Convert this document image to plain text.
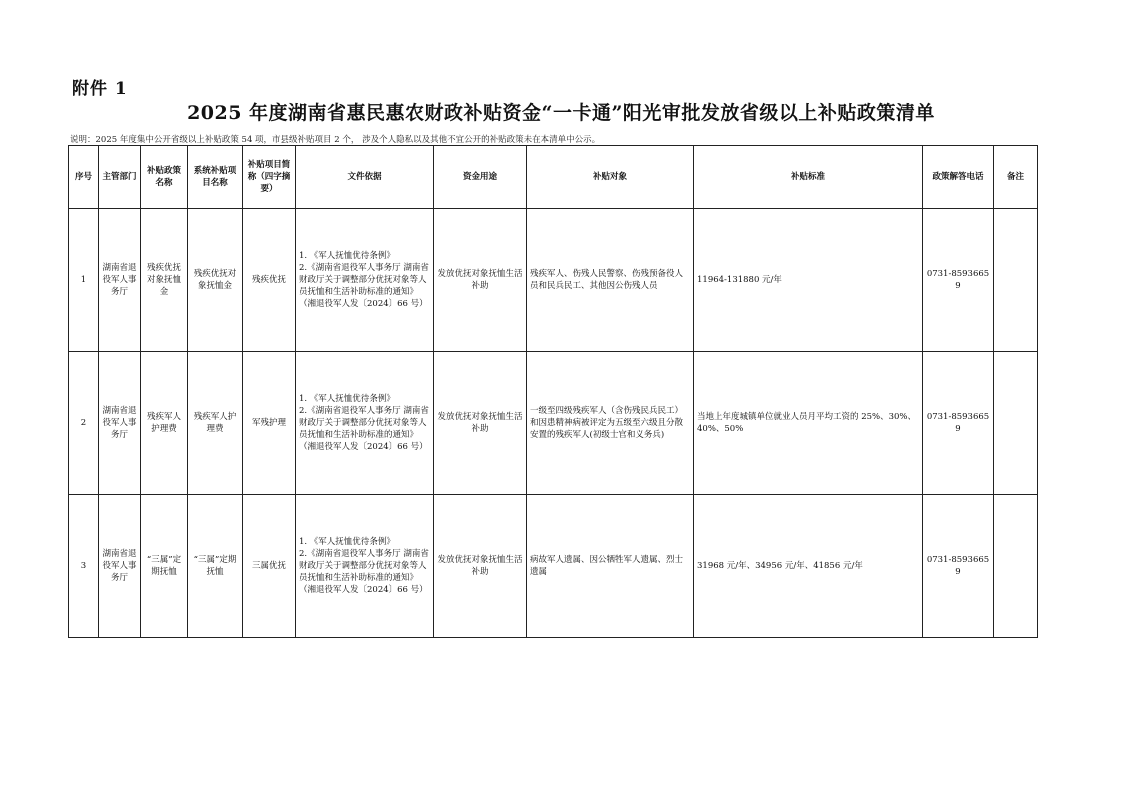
附件 1
2025 年度湖南省惠民惠农财政补贴资金“一卡通”阳光审批发放省级以上补贴政策清单
说明：2025 年度集中公开省级以上补贴政策 54 项，市县级补贴项目 2 个， 涉及个人隐私以及其他不宜公开的补贴政策未在本清单中公示。
序号	主管部门	补贴政策名称	系统补贴项目名称	补贴项目简称（四字摘要）	文件依据	资金用途	补贴对象	补贴标准	政策解答电话	备注
1	湖南省退役军人事务厅	残疾优抚对象抚恤金	残疾优抚对象抚恤金	残疾优抚	1. 《军人抚恤优待条例》
2.《湖南省退役军人事务厅 湖南省财政厅关于调整部分优抚对象等人员抚恤和生活补助标准的通知》（湘退役军人发〔2024〕66 号）	发放优抚对象抚恤生活补助	残疾军人、伤残人民警察、伤残预备役人员和民兵民工、其他因公伤残人员	11964-131880 元/年	0731-85936659	
2	湖南省退役军人事务厅	残疾军人护理费	残疾军人护理费	军残护理	1. 《军人抚恤优待条例》
2.《湖南省退役军人事务厅 湖南省财政厅关于调整部分优抚对象等人员抚恤和生活补助标准的通知》（湘退役军人发〔2024〕66 号）	发放优抚对象抚恤生活补助	一级至四级残疾军人（含伤残民兵民工）和因患精神病被评定为五级至六级且分散安置的残疾军人(初级士官和义务兵)	当地上年度城镇单位就业人员月平均工资的 25%、30%、40%、50%	0731-85936659	
3	湖南省退役军人事务厅	“三属”定期抚恤	“三属”定期抚恤	三属优抚	1. 《军人抚恤优待条例》
2.《湖南省退役军人事务厅 湖南省财政厅关于调整部分优抚对象等人员抚恤和生活补助标准的通知》（湘退役军人发〔2024〕66 号）	发放优抚对象抚恤生活补助	病故军人遗属、因公牺牲军人遗属、烈士遗属	31968 元/年、34956 元/年、41856 元/年	0731-85936659	
